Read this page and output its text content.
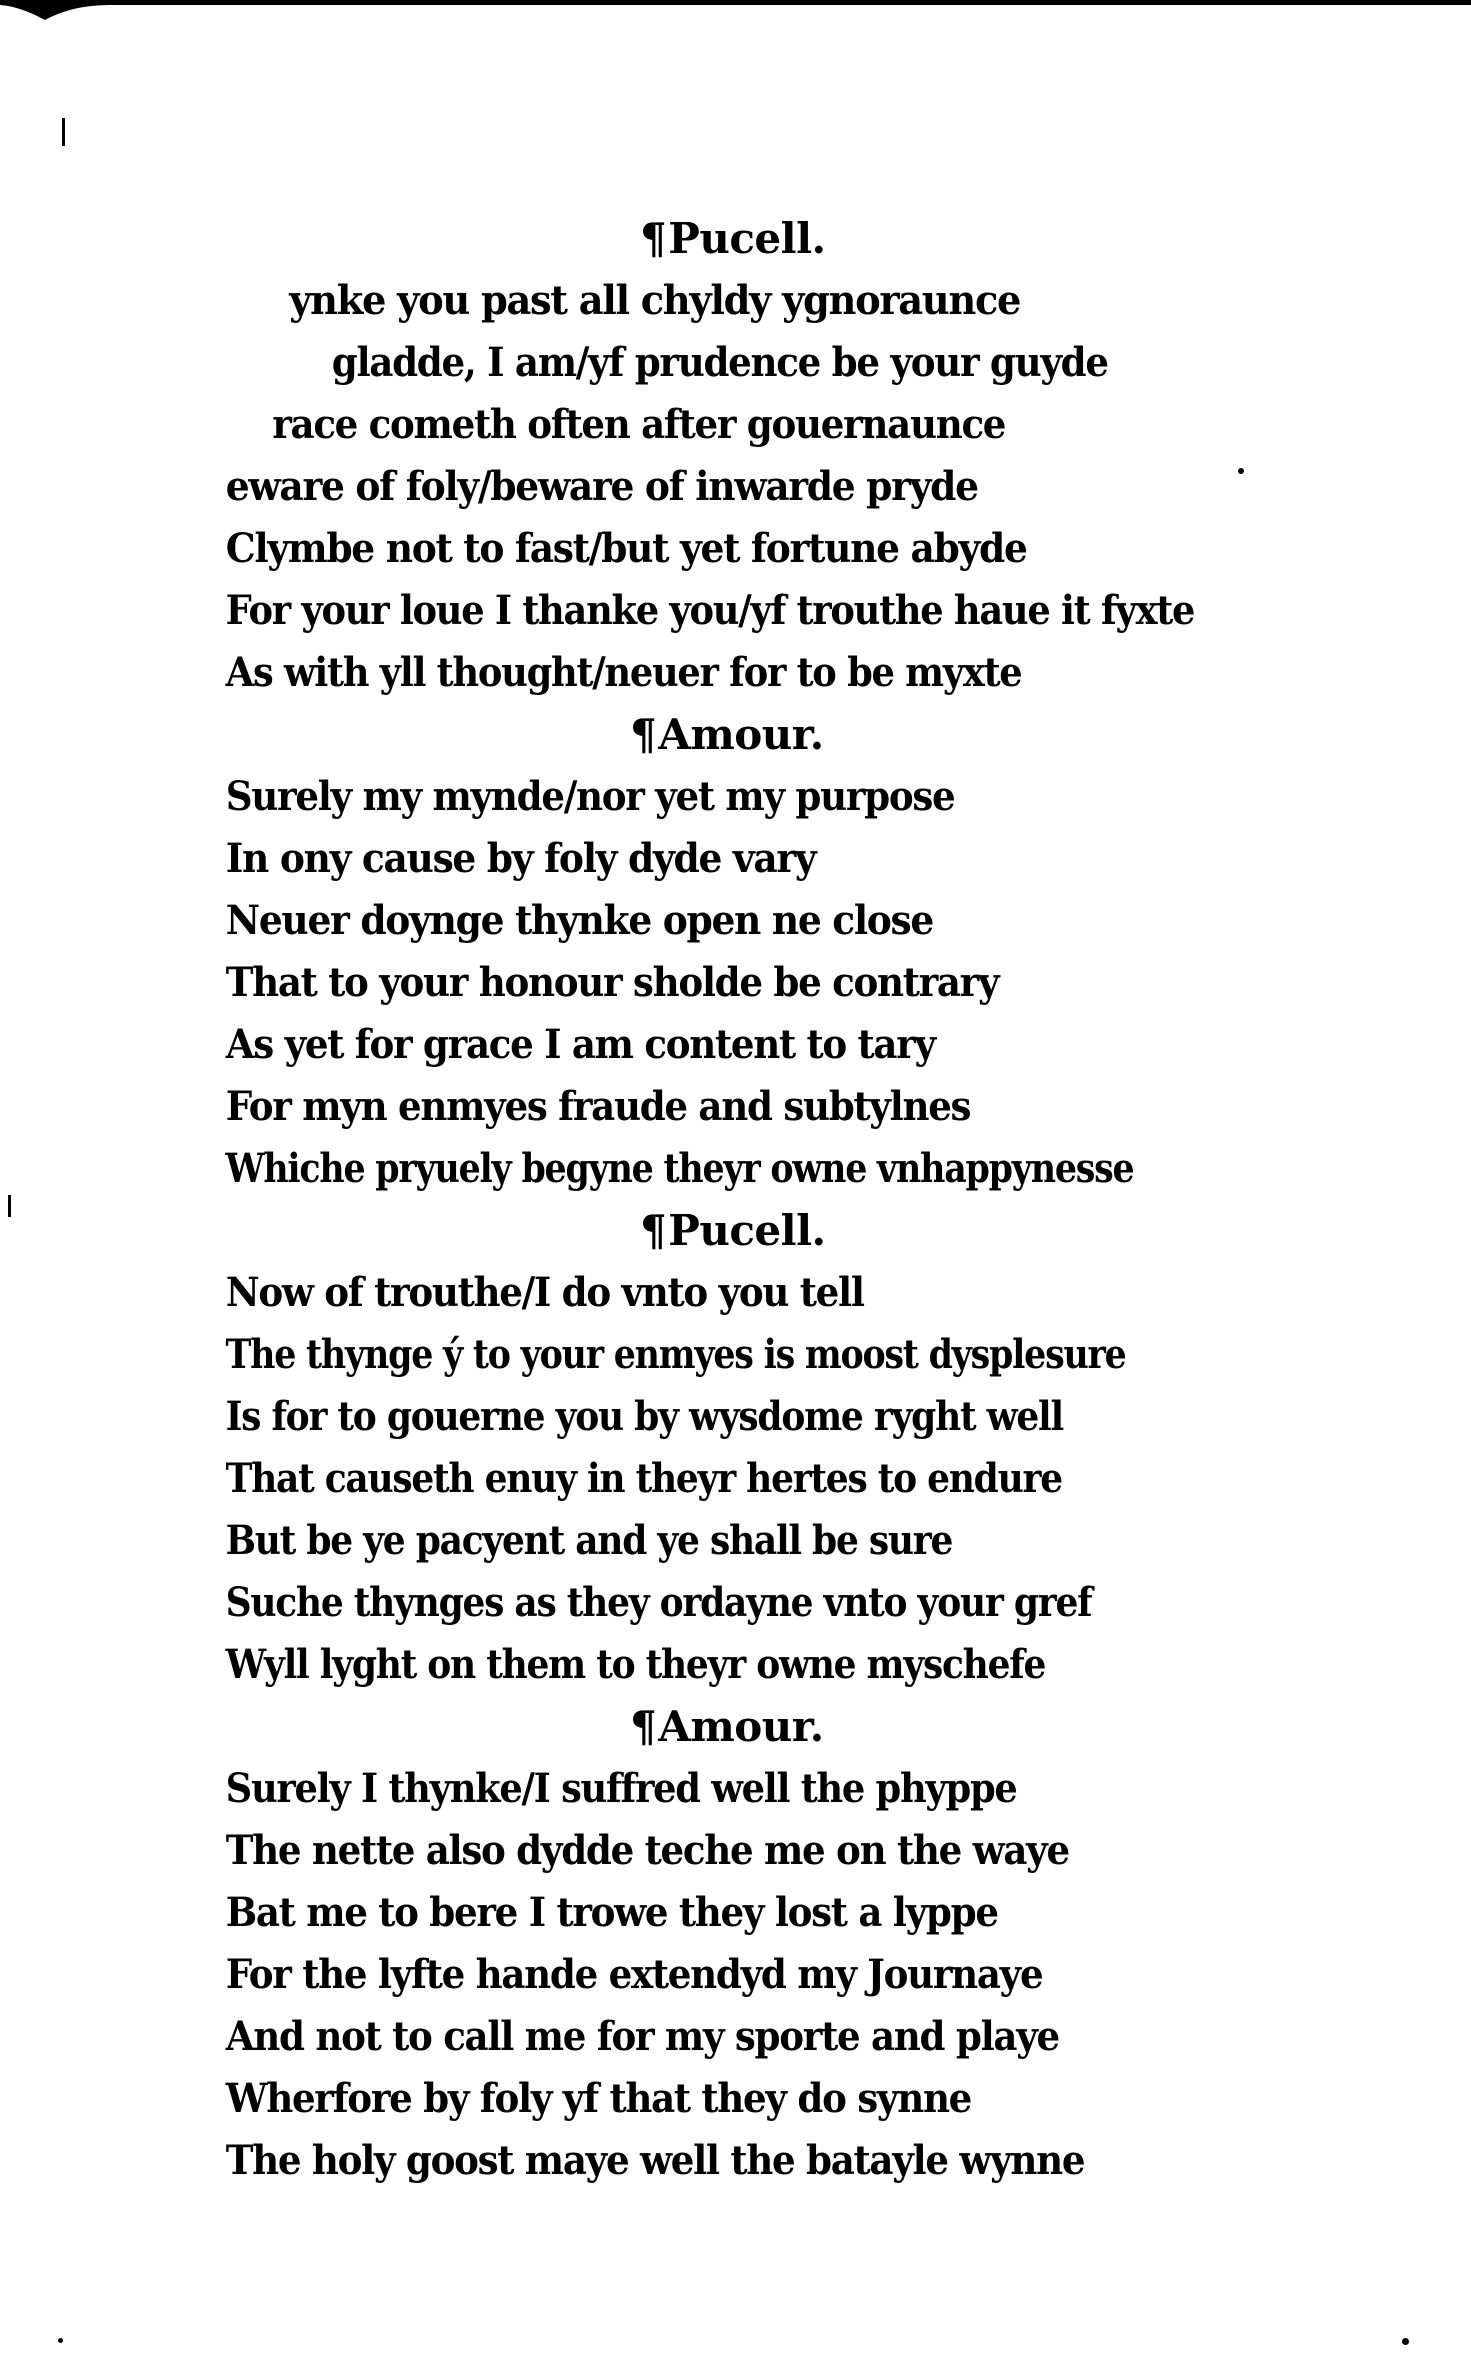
¶Pucell.
ynke you past all chyldy ygnoraunce
gladde, I am/yf prudence be your guyde
race cometh often after gouernaunce
eware of foly/beware of inwarde pryde
Clymbe not to fast/but yet fortune abyde
For your loue I thanke you/yf trouthe haue it fyxte
As with yll thought/neuer for to be myxte
¶Amour.
Surely my mynde/nor yet my purpose
In ony cause by foly dyde vary
Neuer doynge thynke open ne close
That to your honour sholde be contrary
As yet for grace I am content to tary
For myn enmyes fraude and subtylnes
Whiche pryuely begyne theyr owne vnhappynesse
¶Pucell.
Now of trouthe/I do vnto you tell
The thynge ý to your enmyes is moost dysplesure
Is for to gouerne you by wysdome ryght well
That causeth enuy in theyr hertes to endure
But be ye pacyent and ye shall be sure
Suche thynges as they ordayne vnto your gref
Wyll lyght on them to theyr owne myschefe
¶Amour.
Surely I thynke/I suffred well the phyppe
The nette also dydde teche me on the waye
Bat me to bere I trowe they lost a lyppe
For the lyfte hande extendyd my Journaye
And not to call me for my sporte and playe
Wherfore by foly yf that they do synne
The holy goost maye well the batayle wynne
